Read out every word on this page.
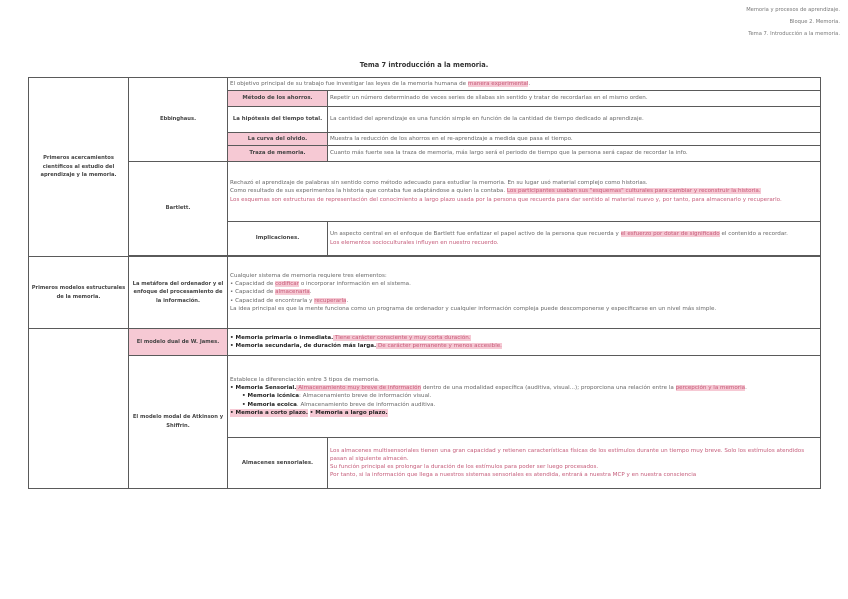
Memoria y procesos de aprendizaje.
Bloque 2. Memoria.
Tema 7. Introducción a la memoria.
Tema 7 introducción a la memoria.
Primeros acercamientos científicos al estudio del aprendizaje y la memoria.	Ebbinghaus.	El objetivo principal de su trabajo fue investigar las leyes de la memoria humana de manera experimental.	
		Método de los ahorros.	Repetir un número determinado de veces series de sílabas sin sentido y tratar de recordarlas en el mismo orden.
		La hipótesis del tiempo total.	La cantidad del aprendizaje es una función simple en función de la cantidad de tiempo dedicado al aprendizaje.
		La curva del olvido.	Muestra la reducción de los ahorros en el re-aprendizaje a medida que pasa el tiempo.
		Traza de memoria.	Cuanto más fuerte sea la traza de memoria, más largo será el periodo de tiempo que la persona será capaz de recordar la info.
	Bartlett.	Rechazó el aprendizaje de palabras sin sentido como método adecuado para estudiar la memoria. En su lugar usó material complejo como historias.
Como resultado de sus experimentos la historia que contaba fue adaptándose a quien la contaba. Los participantes usaban sus "esquemas" culturales para cambiar y reconstruir la historia.
Los esquemas son estructuras de representación del conocimiento a largo plazo usada por la persona que recuerda para dar sentido al material nuevo y, por tanto, para almacenarlo y recuperarlo.	

		Implicaciones.	Un aspecto central en el enfoque de Bartlett fue enfatizar el papel activo de la persona que recuerda y el esfuerzo por dotar de significado el contenido a recordar.
Los elementos socioculturales influyen en nuestro recuerdo.

Primeros modelos estructurales de la memoria.	La metáfora del ordenador y el enfoque del procesamiento de la información.	Cualquier sistema de memoria requiere tres elementos:
• Capacidad de codificar o incorporar información en el sistema.
• Capacidad de almacenarla.
• Capacidad de encontrarla y recuperarla.
La idea principal es que la mente funciona como un programa de ordenador y cualquier información compleja puede descomponerse y especificarse en un nivel más simple.	

	El modelo dual de W. James.	• Memoria primaria o inmediata. Tiene carácter consciente y muy corta duración.
• Memoria secundaria, de duración más larga. De carácter permanente y menos accesible.	

	El modelo modal de Atkinson y Shiffrin.	Establece la diferenciación entre 3 tipos de memoria.
• Memoria Sensorial. Almacenamiento muy breve de información dentro de una modalidad específica (auditiva, visual...); proporciona una relación entre la percepción y la memoria.
• Memoria icónica: Almacenamiento breve de información visual.
• Memoria ecoica. Almacenamiento breve de información auditiva.
• Memoria a corto plazo. • Memoria a largo plazo.	
		Almacenes sensoriales.	Los almacenes multisensoriales tienen una gran capacidad y retienen características físicas de los estímulos durante un tiempo muy breve. Solo los estímulos atendidos pasan al siguiente almacén.
Su función principal es prolongar la duración de los estímulos para poder ser luego procesados.
Por tanto, si la información que llega a nuestros sistemas sensoriales es atendida, entrará a nuestra MCP y en nuestra consciencia
